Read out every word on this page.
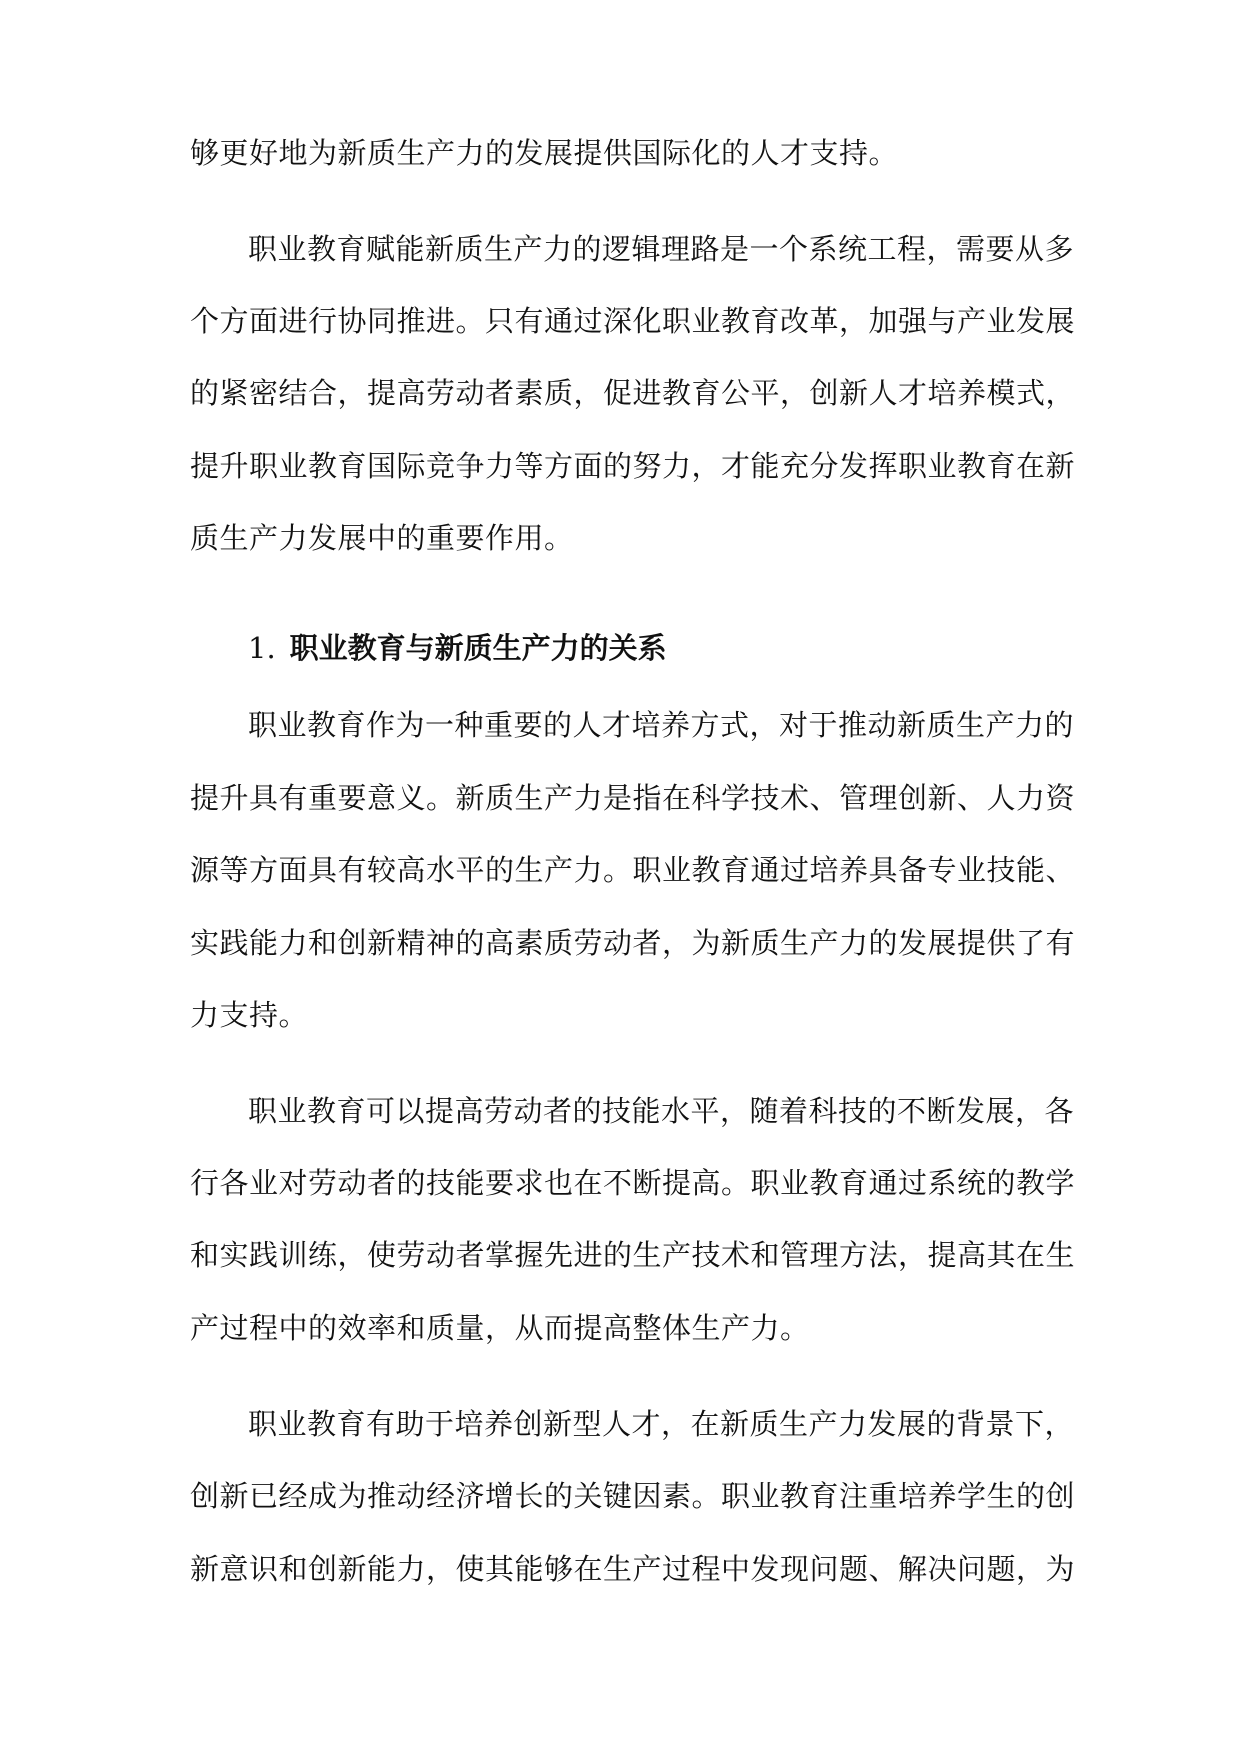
够更好地为新质生产力的发展提供国际化的人才支持。
职业教育赋能新质生产力的逻辑理路是一个系统工程，需要从多
个方面进行协同推进。只有通过深化职业教育改革，加强与产业发展
的紧密结合，提高劳动者素质，促进教育公平，创新人才培养模式，
提升职业教育国际竞争力等方面的努力，才能充分发挥职业教育在新
质生产力发展中的重要作用。
1. 职业教育与新质生产力的关系
职业教育作为一种重要的人才培养方式，对于推动新质生产力的
提升具有重要意义。新质生产力是指在科学技术、管理创新、人力资
源等方面具有较高水平的生产力。职业教育通过培养具备专业技能、
实践能力和创新精神的高素质劳动者，为新质生产力的发展提供了有
力支持。
职业教育可以提高劳动者的技能水平，随着科技的不断发展，各
行各业对劳动者的技能要求也在不断提高。职业教育通过系统的教学
和实践训练，使劳动者掌握先进的生产技术和管理方法，提高其在生
产过程中的效率和质量，从而提高整体生产力。
职业教育有助于培养创新型人才，在新质生产力发展的背景下，
创新已经成为推动经济增长的关键因素。职业教育注重培养学生的创
新意识和创新能力，使其能够在生产过程中发现问题、解决问题，为
